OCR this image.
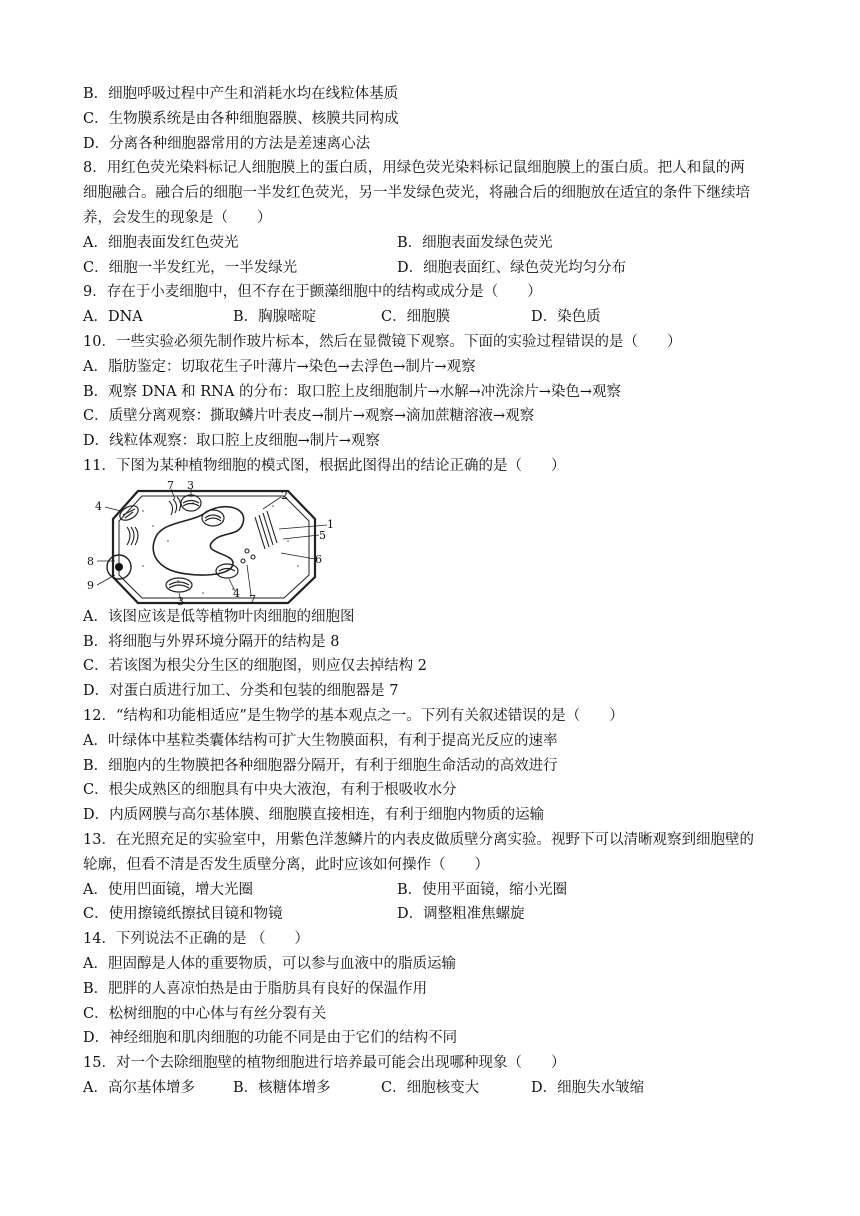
B．细胞呼吸过程中产生和消耗水均在线粒体基质
C．生物膜系统是由各种细胞器膜、核膜共同构成
D．分离各种细胞器常用的方法是差速离心法
8．用红色荧光染料标记人细胞膜上的蛋白质，用绿色荧光染料标记鼠细胞膜上的蛋白质。把人和鼠的两
细胞融合。融合后的细胞一半发红色荧光，另一半发绿色荧光，将融合后的细胞放在适宜的条件下继续培
养，会发生的现象是（　　）
A．细胞表面发红色荧光	B．细胞表面发绿色荧光
C．细胞一半发红光，一半发绿光	D．细胞表面红、绿色荧光均匀分布
9．存在于小麦细胞中，但不存在于颤藻细胞中的结构或成分是（　　）
A．DNA	B．胸腺嘧啶	C．细胞膜	D．染色质
10．一些实验必须先制作玻片标本，然后在显微镜下观察。下面的实验过程错误的是（　　）
A．脂肪鉴定：切取花生子叶薄片→染色→去浮色→制片→观察
B．观察 DNA 和 RNA 的分布：取口腔上皮细胞制片→水解→冲洗涂片→染色→观察
C．质壁分离观察：撕取鳞片叶表皮→制片→观察→滴加蔗糖溶液→观察
D．线粒体观察：取口腔上皮细胞→制片→观察
11．下图为某种植物细胞的模式图，根据此图得出的结论正确的是（　　）
7 3
4
2
1
5
6
8
9
3
4 7
A．该图应该是低等植物叶肉细胞的细胞图
B．将细胞与外界环境分隔开的结构是 8
C．若该图为根尖分生区的细胞图，则应仅去掉结构 2
D．对蛋白质进行加工、分类和包装的细胞器是 7
12．“结构和功能相适应”是生物学的基本观点之一。下列有关叙述错误的是（　　）
A．叶绿体中基粒类囊体结构可扩大生物膜面积，有利于提高光反应的速率
B．细胞内的生物膜把各种细胞器分隔开，有利于细胞生命活动的高效进行
C．根尖成熟区的细胞具有中央大液泡，有利于根吸收水分
D．内质网膜与高尔基体膜、细胞膜直接相连，有利于细胞内物质的运输
13．在光照充足的实验室中，用紫色洋葱鳞片的内表皮做质壁分离实验。视野下可以清晰观察到细胞壁的
轮廓，但看不清是否发生质壁分离，此时应该如何操作（　　）
A．使用凹面镜，增大光圈	B．使用平面镜，缩小光圈
C．使用擦镜纸擦拭目镜和物镜	D．调整粗准焦螺旋
14．下列说法不正确的是 （　　）
A．胆固醇是人体的重要物质，可以参与血液中的脂质运输
B．肥胖的人喜凉怕热是由于脂肪具有良好的保温作用
C．松树细胞的中心体与有丝分裂有关
D．神经细胞和肌肉细胞的功能不同是由于它们的结构不同
15．对一个去除细胞壁的植物细胞进行培养最可能会出现哪种现象（　　）
A．高尔基体增多	B．核糖体增多	C．细胞核变大	D．细胞失水皱缩
